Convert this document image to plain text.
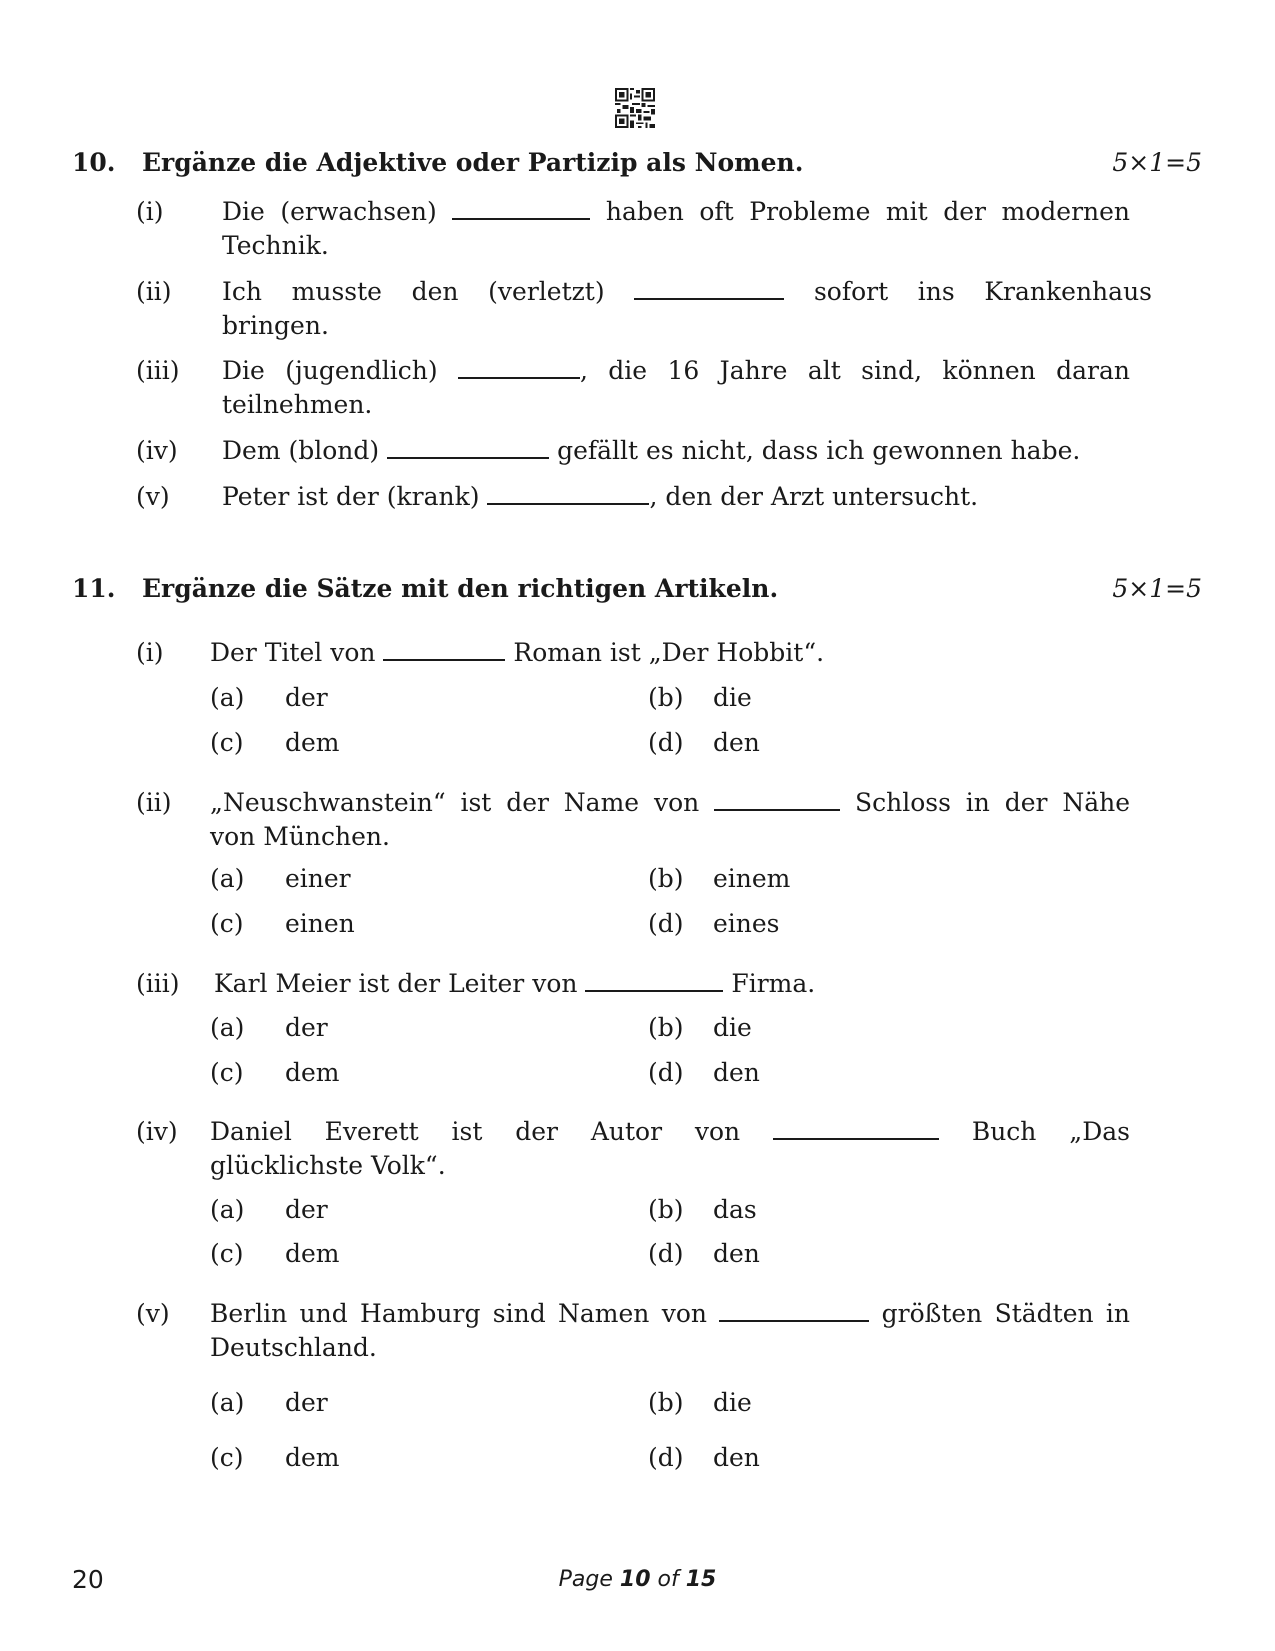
10. Ergänze die Adjektive oder Partizip als Nomen.	5×1=5
(i) Die (erwachsen)	haben oft Probleme mit der modernen
Technik.
(ii) Ich musste den (verletzt)	sofort ins Krankenhaus
bringen.
(iii) Die (jugendlich)	, die 16 Jahre alt sind, können daran
teilnehmen.
(iv) Dem (blond)	gefällt es nicht, dass ich gewonnen habe.
(v) Peter ist der (krank)	, den der Arzt untersucht.
11. Ergänze die Sätze mit den richtigen Artikeln.	5×1=5
(i) Der Titel von	Roman ist „Der Hobbit“.
(a) der	(b) die
(c) dem	(d) den
(ii) „Neuschwanstein“ ist der Name von	Schloss in der Nähe
von München.
(a) einer	(b) einem
(c) einen	(d) eines
(iii) Karl Meier ist der Leiter von	Firma.
(a) der	(b) die
(c) dem	(d) den
(iv) Daniel Everett ist der Autor von	Buch „Das
glücklichste Volk“.
(a) der	(b) das
(c) dem	(d) den
(v) Berlin und Hamburg sind Namen von	größten Städten in
Deutschland.
(a) der	(b) die
(c) dem	(d) den
20	Page 10 of 15
